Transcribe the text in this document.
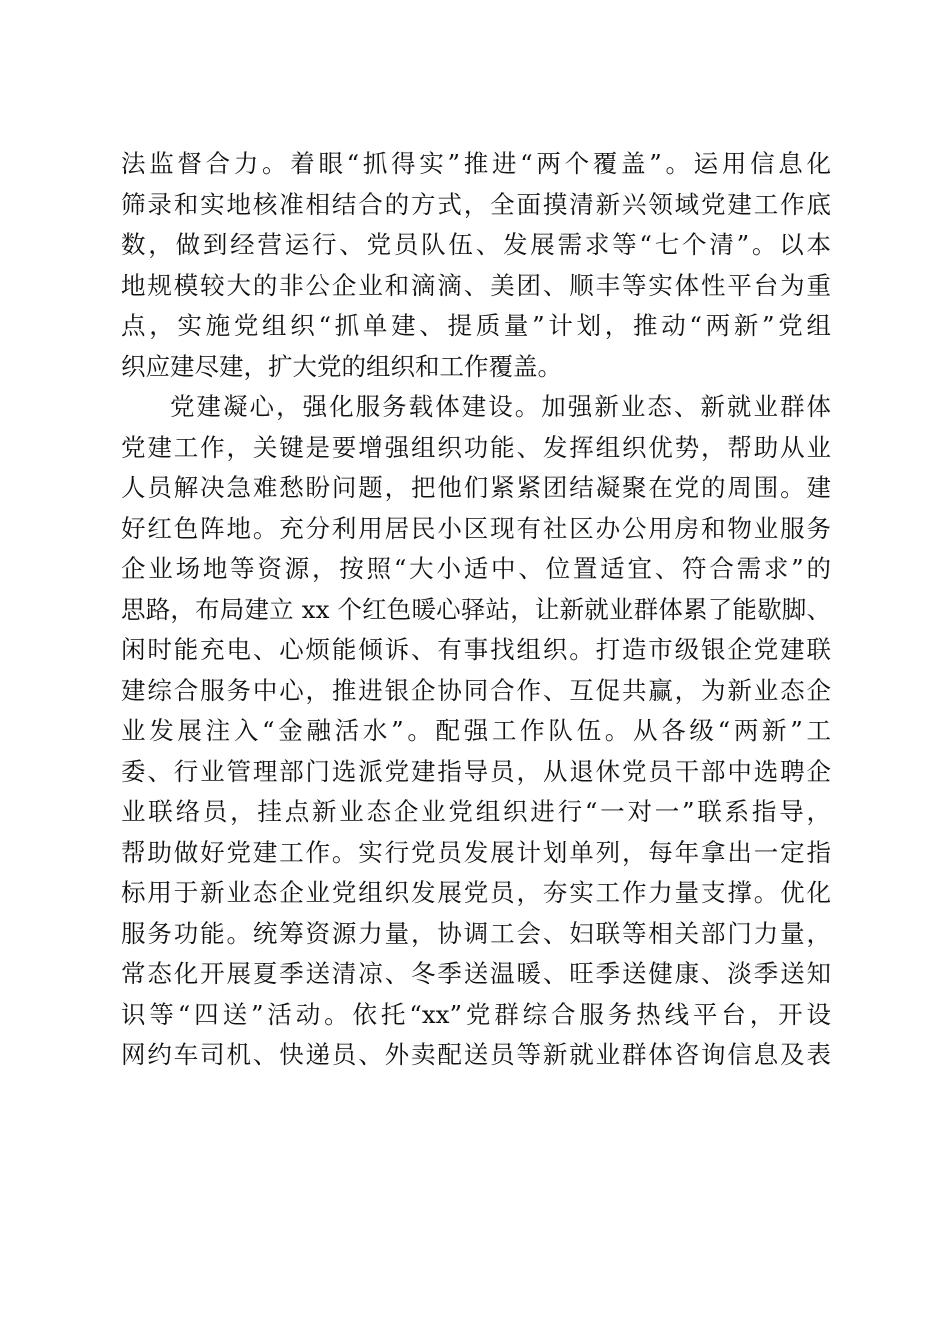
法监督合力。着眼“抓得实”推进“两个覆盖”。运用信息化
筛录和实地核准相结合的方式，全面摸清新兴领域党建工作底
数，做到经营运行、党员队伍、发展需求等“七个清”。以本
地规模较大的非公企业和滴滴、美团、顺丰等实体性平台为重
点，实施党组织“抓单建、提质量”计划，推动“两新”党组
织应建尽建，扩大党的组织和工作覆盖。
党建凝心，强化服务载体建设。加强新业态、新就业群体
党建工作，关键是要增强组织功能、发挥组织优势，帮助从业
人员解决急难愁盼问题，把他们紧紧团结凝聚在党的周围。建
好红色阵地。充分利用居民小区现有社区办公用房和物业服务
企业场地等资源，按照“大小适中、位置适宜、符合需求”的
思路，布局建立 xx 个红色暖心驿站，让新就业群体累了能歇脚、
闲时能充电、心烦能倾诉、有事找组织。打造市级银企党建联
建综合服务中心，推进银企协同合作、互促共赢，为新业态企
业发展注入“金融活水”。配强工作队伍。从各级“两新”工
委、行业管理部门选派党建指导员，从退休党员干部中选聘企
业联络员，挂点新业态企业党组织进行“一对一”联系指导，
帮助做好党建工作。实行党员发展计划单列，每年拿出一定指
标用于新业态企业党组织发展党员，夯实工作力量支撑。优化
服务功能。统筹资源力量，协调工会、妇联等相关部门力量，
常态化开展夏季送清凉、冬季送温暖、旺季送健康、淡季送知
识等“四送”活动。依托“xx”党群综合服务热线平台，开设
网约车司机、快递员、外卖配送员等新就业群体咨询信息及表
